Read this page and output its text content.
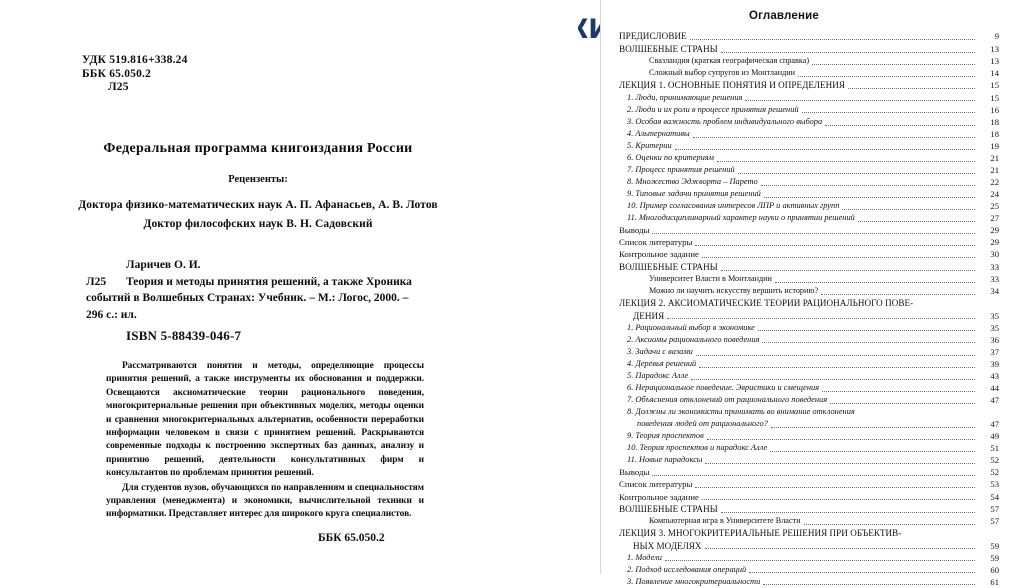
УДК 519.816+338.24
ББК 65.050.2
Л25
Федеральная программа книгоиздания России
Рецензенты:
Доктора физико-математических наук А. П. Афанасьев, А. В. Лотов
Доктор философских наук В. Н. Садовский
Л25
Ларичев О. И.
Теория и методы принятия решений, а также Хроника
событий в Волшебных Странах: Учебник. – М.: Логос, 2000. –
296 с.: ил.
ISBN 5-88439-046-7

Рассматриваются понятия и методы, определяющие процессы принятия решений, а также инструменты их обоснования и поддержки. Освещаются аксиоматические теории рационального поведения, многокритериальные решения при объективных моделях, методы оценки и сравнения многокритериальных альтернатив, особенности переработки информации человеком в связи с принятием решений. Раскрываются современные подходы к построению экспертных баз данных, анализу и принятию решений, деятельности консультативных фирм и консультантов по проблемам принятия решений.

Для студентов вузов, обучающихся по направлениям и специальностям управления (менеджмента) и экономики, вычислительной техники и информатики. Представляет интерес для широкого круга специалистов.

ББК 65.050.2
Оглавление
ПРЕДИСЛОВИЕ	9
ВОЛШЕБНЫЕ СТРАНЫ	13
Свазландия (краткая географическая справка)	13
Сложный выбор супругов из Монтландии	14
ЛЕКЦИЯ 1. ОСНОВНЫЕ ПОНЯТИЯ И ОПРЕДЕЛЕНИЯ	15
1. Люди, принимающие решения	15
2. Люди и их роли в процессе принятия решений	16
3. Особая важность проблем индивидуального выбора	18
4. Альтернативы	18
5. Критерии	19
6. Оценки по критериям	21
7. Процесс принятия решений	21
8. Множество Эджворта – Парето	22
9. Типовые задачи принятия решений	24
10. Пример согласования интересов ЛПР и активных групп	25
11. Многодисциплинарный характер науки о принятии решений	27
Выводы	29
Список литературы	29
Контрольное задание	30
ВОЛШЕБНЫЕ СТРАНЫ	33
Университет Власти в Монтландии	33
Можно ли научить искусству вершить историю?	34
ЛЕКЦИЯ 2. АКСИОМАТИЧЕСКИЕ ТЕОРИИ РАЦИОНАЛЬНОГО ПОВЕ-
ДЕНИЯ	35
1. Рациональный выбор в экономике	35
2. Аксиомы рационального поведения	36
3. Задачи с вазами	37
4. Деревья решений	39
5. Парадокс Алле	43
6. Нерациональное поведение. Эвристики и смещения	44
7. Объяснения отклонений от рационального поведения	47
8. Должны ли экономисты принимать во внимание отклонения
поведения людей от рационального?	47
9. Теория проспектов	49
10. Теория проспектов и парадокс Алле	51
11. Новые парадоксы	52
Выводы	52
Список литературы	53
Контрольное задание	54
ВОЛШЕБНЫЕ СТРАНЫ	57
Компьютерная игра в Университете Власти	57
ЛЕКЦИЯ 3. МНОГОКРИТЕРИАЛЬНЫЕ РЕШЕНИЯ ПРИ ОБЪЕКТИВ-
НЫХ МОДЕЛЯХ	59
1. Модели	59
2. Подход исследования операций	60
3. Появление многокритериальности	61
